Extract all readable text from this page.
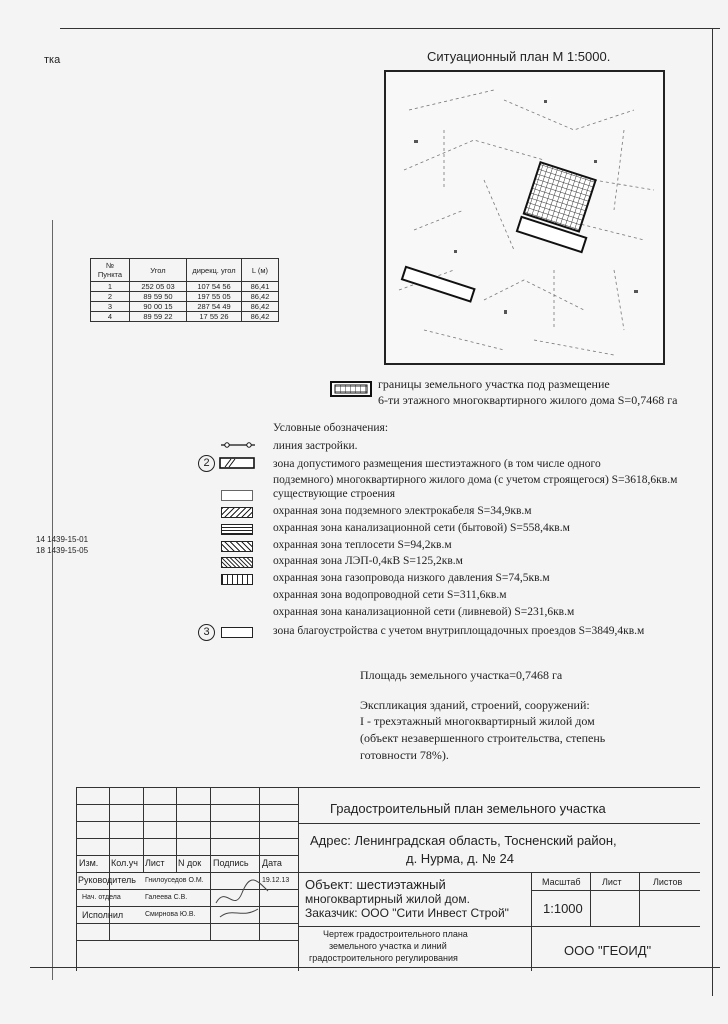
тка	Ситуационный план М 1:5000.
№ Пункта	Угол	дирекц. угол	L (м)
1	252 05 03	107 54 56	86,41
2	89 59 50	197 55 05	86,42
3	90 00 15	287 54 49	86,42
4	89 59 22	17 55 26	86,42
границы земельного участка под размещение
6-ти этажного многоквартирного жилого дома S=0,7468 га
Условные обозначения:
линия застройки.
2	зона допустимого размещения шестиэтажного (в том числе одного
подземного) многоквартирного жилого дома (с учетом строящегося) S=3618,6кв.м
существующие строения
охранная зона подземного электрокабеля S=34,9кв.м
охранная зона канализационной сети (бытовой) S=558,4кв.м
охранная зона теплосети S=94,2кв.м
охранная зона ЛЭП-0,4кВ S=125,2кв.м
охранная зона газопровода низкого давления S=74,5кв.м
охранная зона водопроводной сети S=311,6кв.м
охранная зона канализационной сети (ливневой) S=231,6кв.м
3	зона благоустройства с учетом внутриплощадочных проездов S=3849,4кв.м
14 1439-15-01
18 1439-15-05
Площадь земельного участка=0,7468 га
Экспликация зданий, строений, сооружений:
I - трехэтажный многоквартирный жилой дом
(объект незавершенного строительства, степень
готовности 78%).
Градостроительный план земельного участка
Адрес: Ленинградская область, Тосненский район,
д. Нурма, д. № 24
Изм. Кол.уч Лист N док Подпись Дата
Руководитель Гнилоуседов О.М.	19.12.13
Нач. отдела	Галеева С.В.
Исполнил	Смирнова Ю.В.
Объект: шестиэтажный
многоквартирный жилой дом.
Заказчик: ООО "Сити Инвест Строй"
Масштаб Лист	Листов
1:1000
Чертеж градостроительного плана
земельного участка и линий
градостроительного регулирования	ООО "ГЕОИД"
